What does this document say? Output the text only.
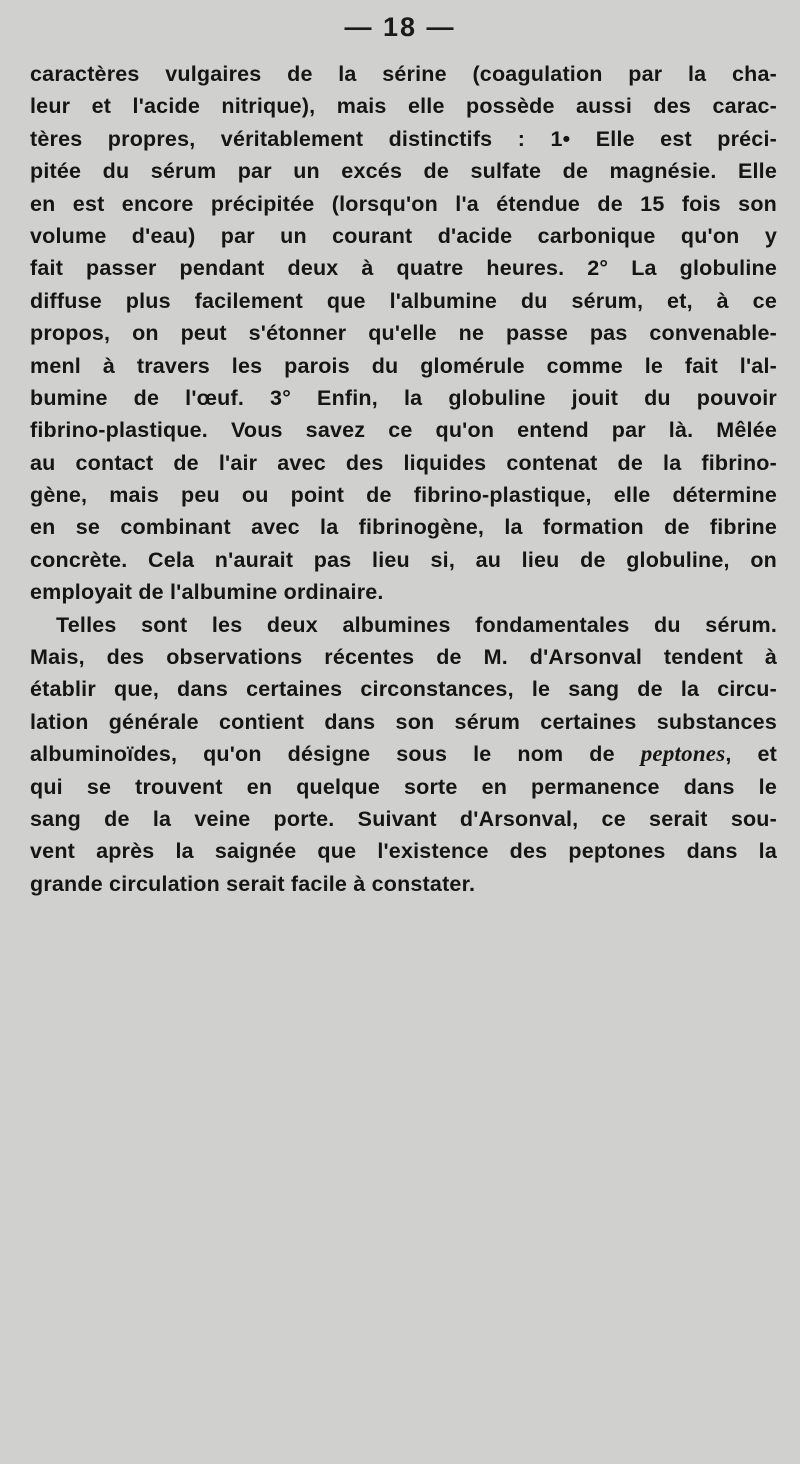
— 18 —
caractères vulgaires de la sérine (coagulation par la cha-
leur et l'acide nitrique), mais elle possède aussi des carac-
tères propres, véritablement distinctifs : 1• Elle est préci-
pitée du sérum par un excés de sulfate de magnésie. Elle
en est encore précipitée (lorsqu'on l'a étendue de 15 fois son
volume d'eau) par un courant d'acide carbonique qu'on y
fait passer pendant deux à quatre heures. 2° La globuline
diffuse plus facilement que l'albumine du sérum, et, à ce
propos, on peut s'étonner qu'elle ne passe pas convenable-
menl à travers les parois du glomérule comme le fait l'al-
bumine de l'œuf. 3° Enfin, la globuline jouit du pouvoir
fibrino-plastique. Vous savez ce qu'on entend par là. Mêlée
au contact de l'air avec des liquides contenat de la fibrino-
gène, mais peu ou point de fibrino-plastique, elle détermine
en se combinant avec la fibrinogène, la formation de fibrine
concrète. Cela n'aurait pas lieu si, au lieu de globuline, on
employait de l'albumine ordinaire.
Telles sont les deux albumines fondamentales du sérum.
Mais, des observations récentes de M. d'Arsonval tendent à
établir que, dans certaines circonstances, le sang de la circu-
lation générale contient dans son sérum certaines substances
albuminoïdes, qu'on désigne sous le nom de peptones, et
qui se trouvent en quelque sorte en permanence dans le
sang de la veine porte. Suivant d'Arsonval, ce serait sou-
vent après la saignée que l'existence des peptones dans la
grande circulation serait facile à constater.
